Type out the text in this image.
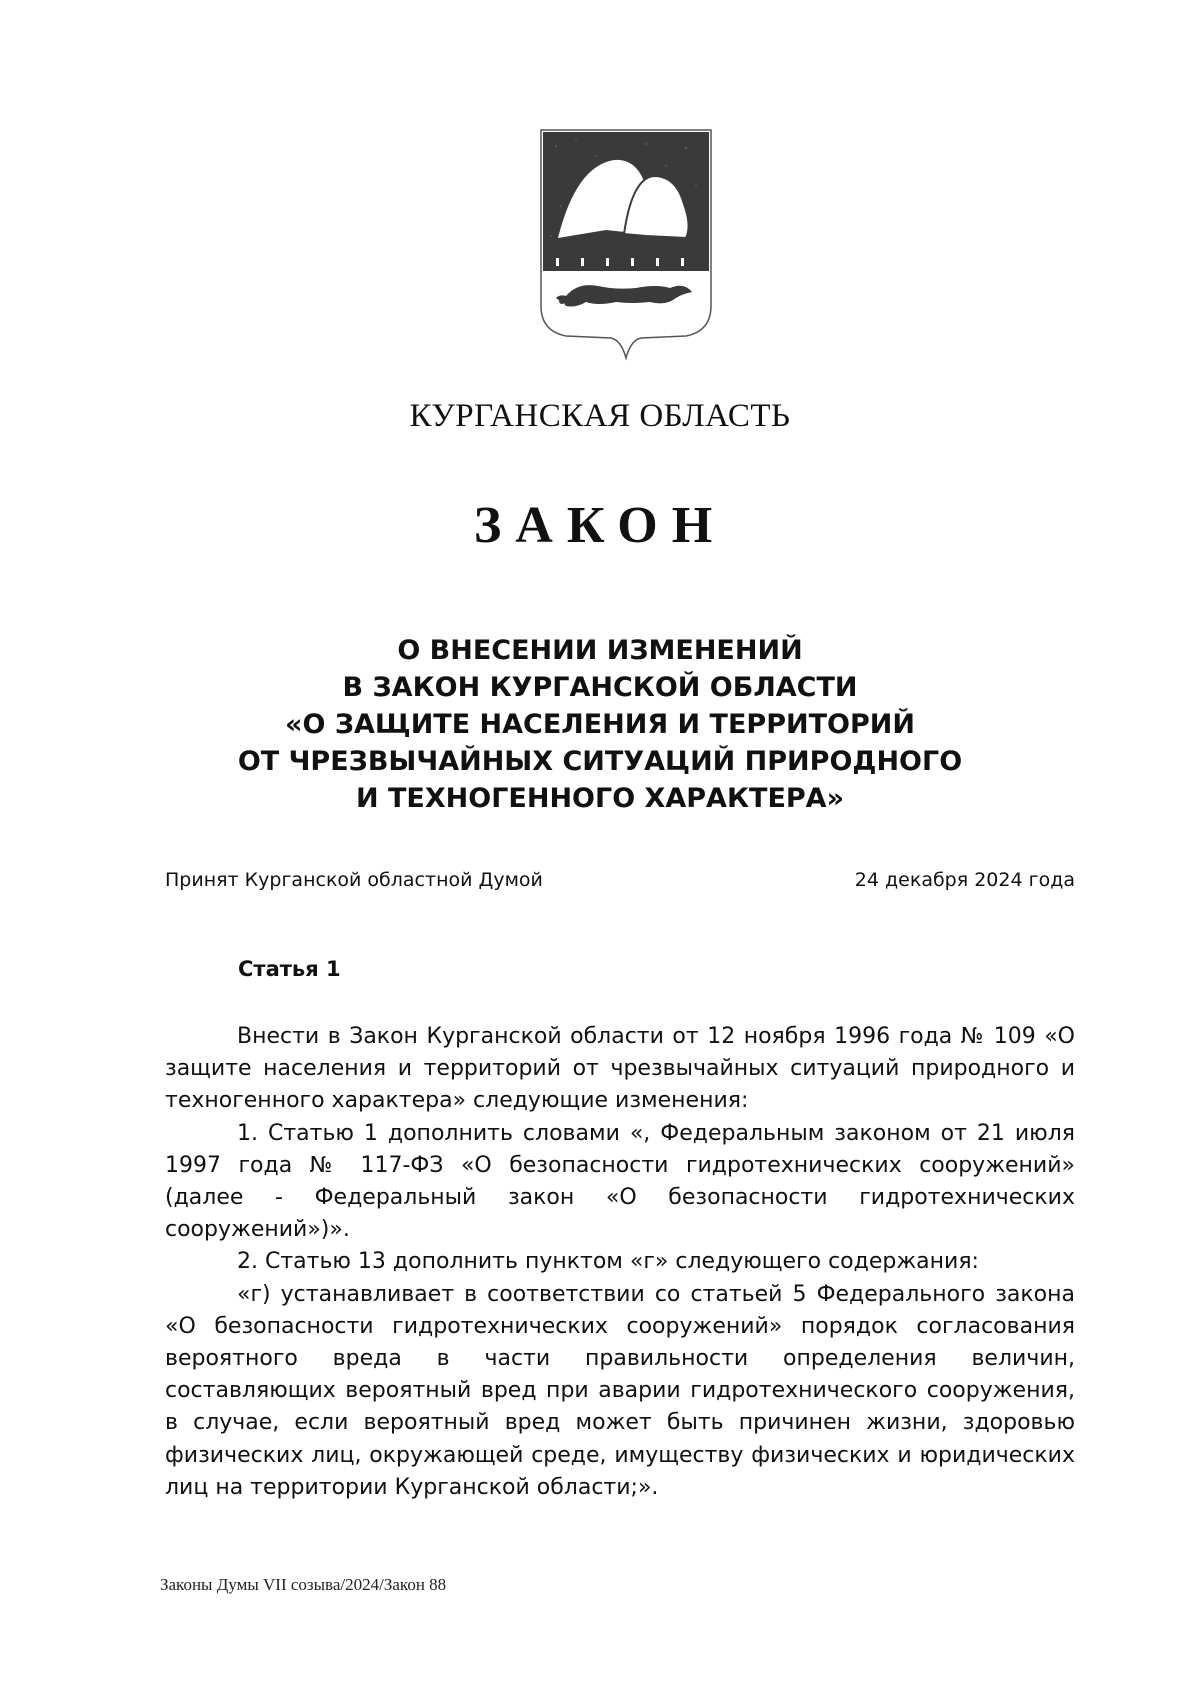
КУРГАНСКАЯ ОБЛАСТЬ
ЗАКОН
О ВНЕСЕНИИ ИЗМЕНЕНИЙ
В ЗАКОН КУРГАНСКОЙ ОБЛАСТИ
«О ЗАЩИТЕ НАСЕЛЕНИЯ И ТЕРРИТОРИЙ
ОТ ЧРЕЗВЫЧАЙНЫХ СИТУАЦИЙ ПРИРОДНОГО
И ТЕХНОГЕННОГО ХАРАКТЕРА»
Принят Курганской областной Думой	24 декабря 2024 года
Статья 1

Внести в Закон Курганской области от 12 ноября 1996 года № 109 «О защите населения и территорий от чрезвычайных ситуаций природного и техногенного характера» следующие изменения:

1. Статью 1 дополнить словами «, Федеральным законом от 21 июля 1997 года № 117-ФЗ «О безопасности гидротехнических сооружений» (далее - Федеральный закон «О безопасности гидротехнических сооружений»)».

2. Статью 13 дополнить пунктом «г» следующего содержания:

«г) устанавливает в соответствии со статьей 5 Федерального закона «О безопасности гидротехнических сооружений» порядок согласования вероятного вреда в части правильности определения величин, составляющих вероятный вред при аварии гидротехнического сооружения, в случае, если вероятный вред может быть причинен жизни, здоровью физических лиц, окружающей среде, имуществу физических и юридических лиц на территории Курганской области;».

Законы Думы VII созыва/2024/Закон 88
